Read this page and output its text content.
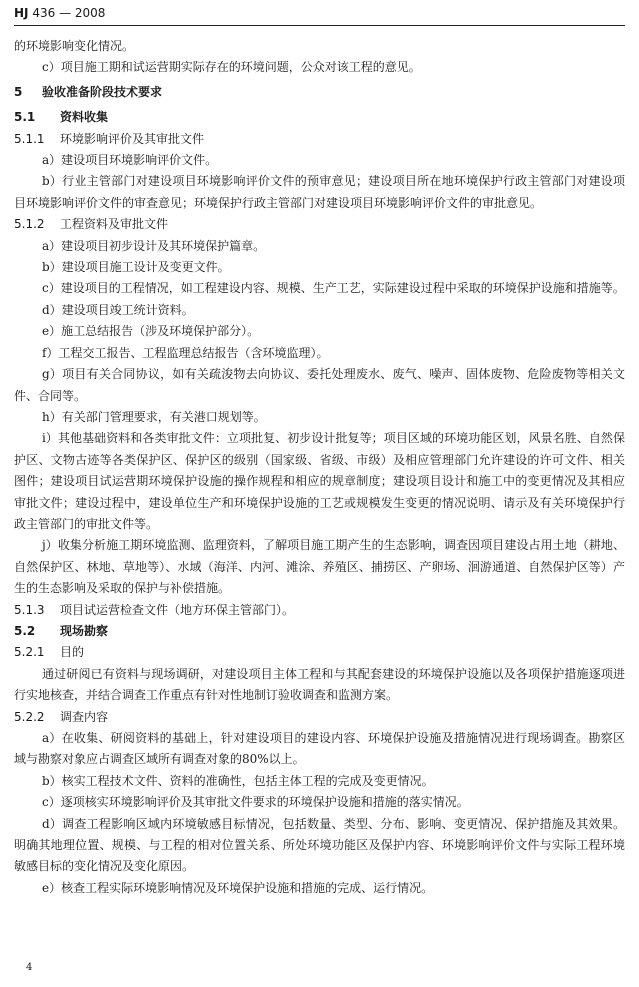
HJ 436 — 2008

的环境影响变化情况。

c）项目施工期和试运营期实际存在的环境问题，公众对该工程的意见。

5 验收准备阶段技术要求

5.1 资料收集

5.1.1 环境影响评价及其审批文件

a）建设项目环境影响评价文件。

b）行业主管部门对建设项目环境影响评价文件的预审意见；建设项目所在地环境保护行政主管部门对建设项目环境影响评价文件的审查意见；环境保护行政主管部门对建设项目环境影响评价文件的审批意见。

5.1.2 工程资料及审批文件

a）建设项目初步设计及其环境保护篇章。

b）建设项目施工设计及变更文件。

c）建设项目的工程情况，如工程建设内容、规模、生产工艺，实际建设过程中采取的环境保护设施和措施等。

d）建设项目竣工统计资料。

e）施工总结报告（涉及环境保护部分）。

f）工程交工报告、工程监理总结报告（含环境监理）。

g）项目有关合同协议，如有关疏浚物去向协议、委托处理废水、废气、噪声、固体废物、危险废物等相关文件、合同等。

h）有关部门管理要求，有关港口规划等。

i）其他基础资料和各类审批文件：立项批复、初步设计批复等；项目区域的环境功能区划，风景名胜、自然保护区、文物古迹等各类保护区、保护区的级别（国家级、省级、市级）及相应管理部门允许建设的许可文件、相关图件；建设项目试运营期环境保护设施的操作规程和相应的规章制度；建设项目设计和施工中的变更情况及其相应审批文件；建设过程中，建设单位生产和环境保护设施的工艺或规模发生变更的情况说明、请示及有关环境保护行政主管部门的审批文件等。

j）收集分析施工期环境监测、监理资料，了解项目施工期产生的生态影响，调查因项目建设占用土地（耕地、自然保护区、林地、草地等）、水域（海洋、内河、滩涂、养殖区、捕捞区、产卵场、洄游通道、自然保护区等）产生的生态影响及采取的保护与补偿措施。

5.1.3 项目试运营检查文件（地方环保主管部门）。

5.2 现场勘察

5.2.1 目的

通过研阅已有资料与现场调研，对建设项目主体工程和与其配套建设的环境保护设施以及各项保护措施逐项进行实地核查，并结合调查工作重点有针对性地制订验收调查和监测方案。

5.2.2 调查内容

a）在收集、研阅资料的基础上，针对建设项目的建设内容、环境保护设施及措施情况进行现场调查。勘察区域与勘察对象应占调查区域所有调查对象的80%以上。

b）核实工程技术文件、资料的准确性，包括主体工程的完成及变更情况。

c）逐项核实环境影响评价及其审批文件要求的环境保护设施和措施的落实情况。

d）调查工程影响区域内环境敏感目标情况，包括数量、类型、分布、影响、变更情况、保护措施及其效果。明确其地理位置、规模、与工程的相对位置关系、所处环境功能区及保护内容、环境影响评价文件与实际工程环境敏感目标的变化情况及变化原因。

e）核查工程实际环境影响情况及环境保护设施和措施的完成、运行情况。

4
